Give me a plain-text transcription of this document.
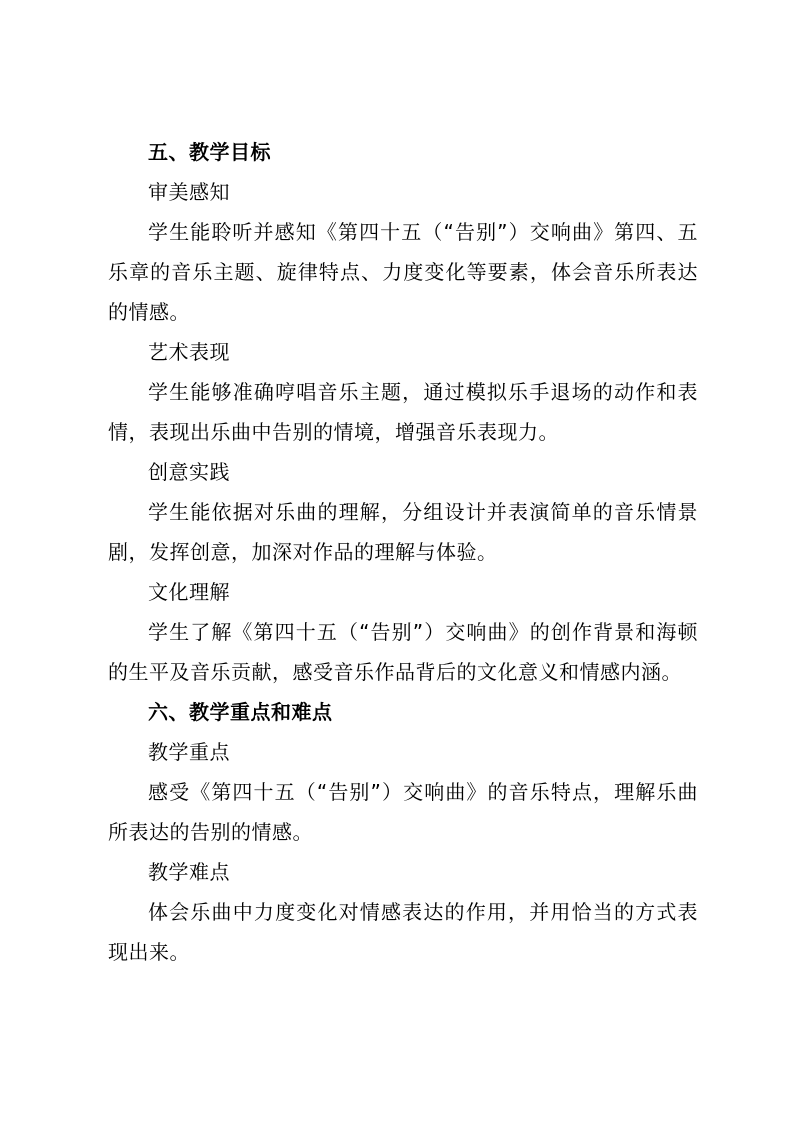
五、教学目标
审美感知

学生能聆听并感知《第四十五（“告别”）交响曲》第四、五乐章的音乐主题、旋律特点、力度变化等要素，体会音乐所表达的情感。

艺术表现

学生能够准确哼唱音乐主题，通过模拟乐手退场的动作和表情，表现出乐曲中告别的情境，增强音乐表现力。

创意实践

学生能依据对乐曲的理解，分组设计并表演简单的音乐情景剧，发挥创意，加深对作品的理解与体验。

文化理解

学生了解《第四十五（“告别”）交响曲》的创作背景和海顿的生平及音乐贡献，感受音乐作品背后的文化意义和情感内涵。

六、教学重点和难点
教学重点

感受《第四十五（“告别”）交响曲》的音乐特点，理解乐曲所表达的告别的情感。

教学难点

体会乐曲中力度变化对情感表达的作用，并用恰当的方式表现出来。
